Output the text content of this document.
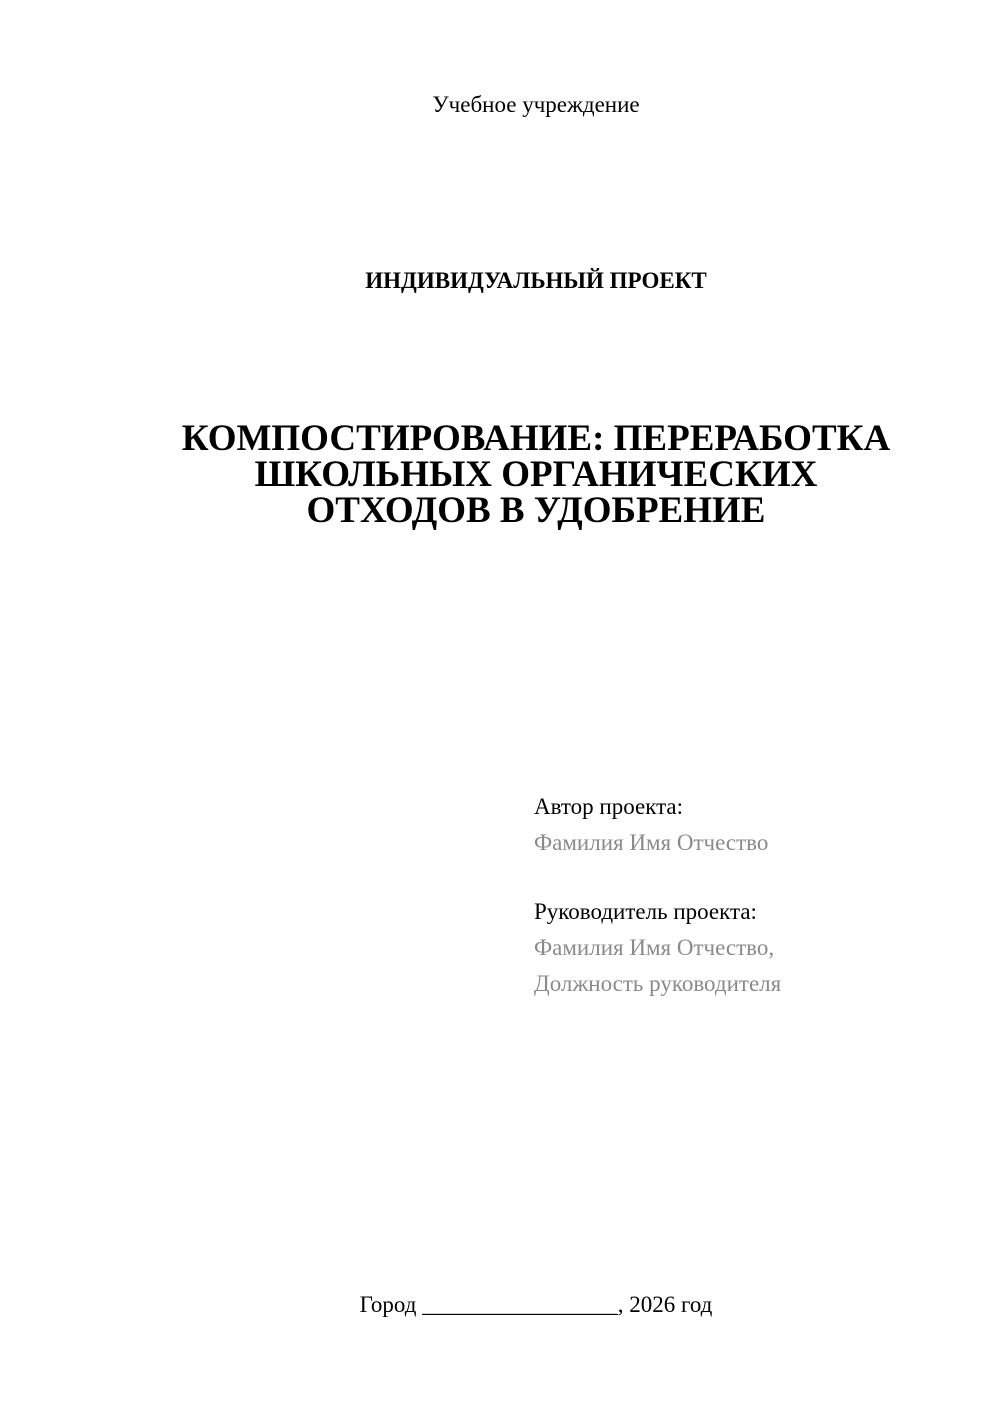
Учебное учреждение
ИНДИВИДУАЛЬНЫЙ ПРОЕКТ
КОМПОСТИРОВАНИЕ: ПЕРЕРАБОТКА
ШКОЛЬНЫХ ОРГАНИЧЕСКИХ
ОТХОДОВ В УДОБРЕНИЕ
Автор проекта:
Фамилия Имя Отчество
Руководитель проекта:
Фамилия Имя Отчество,
Должность руководителя
Город _________________, 2026 год
